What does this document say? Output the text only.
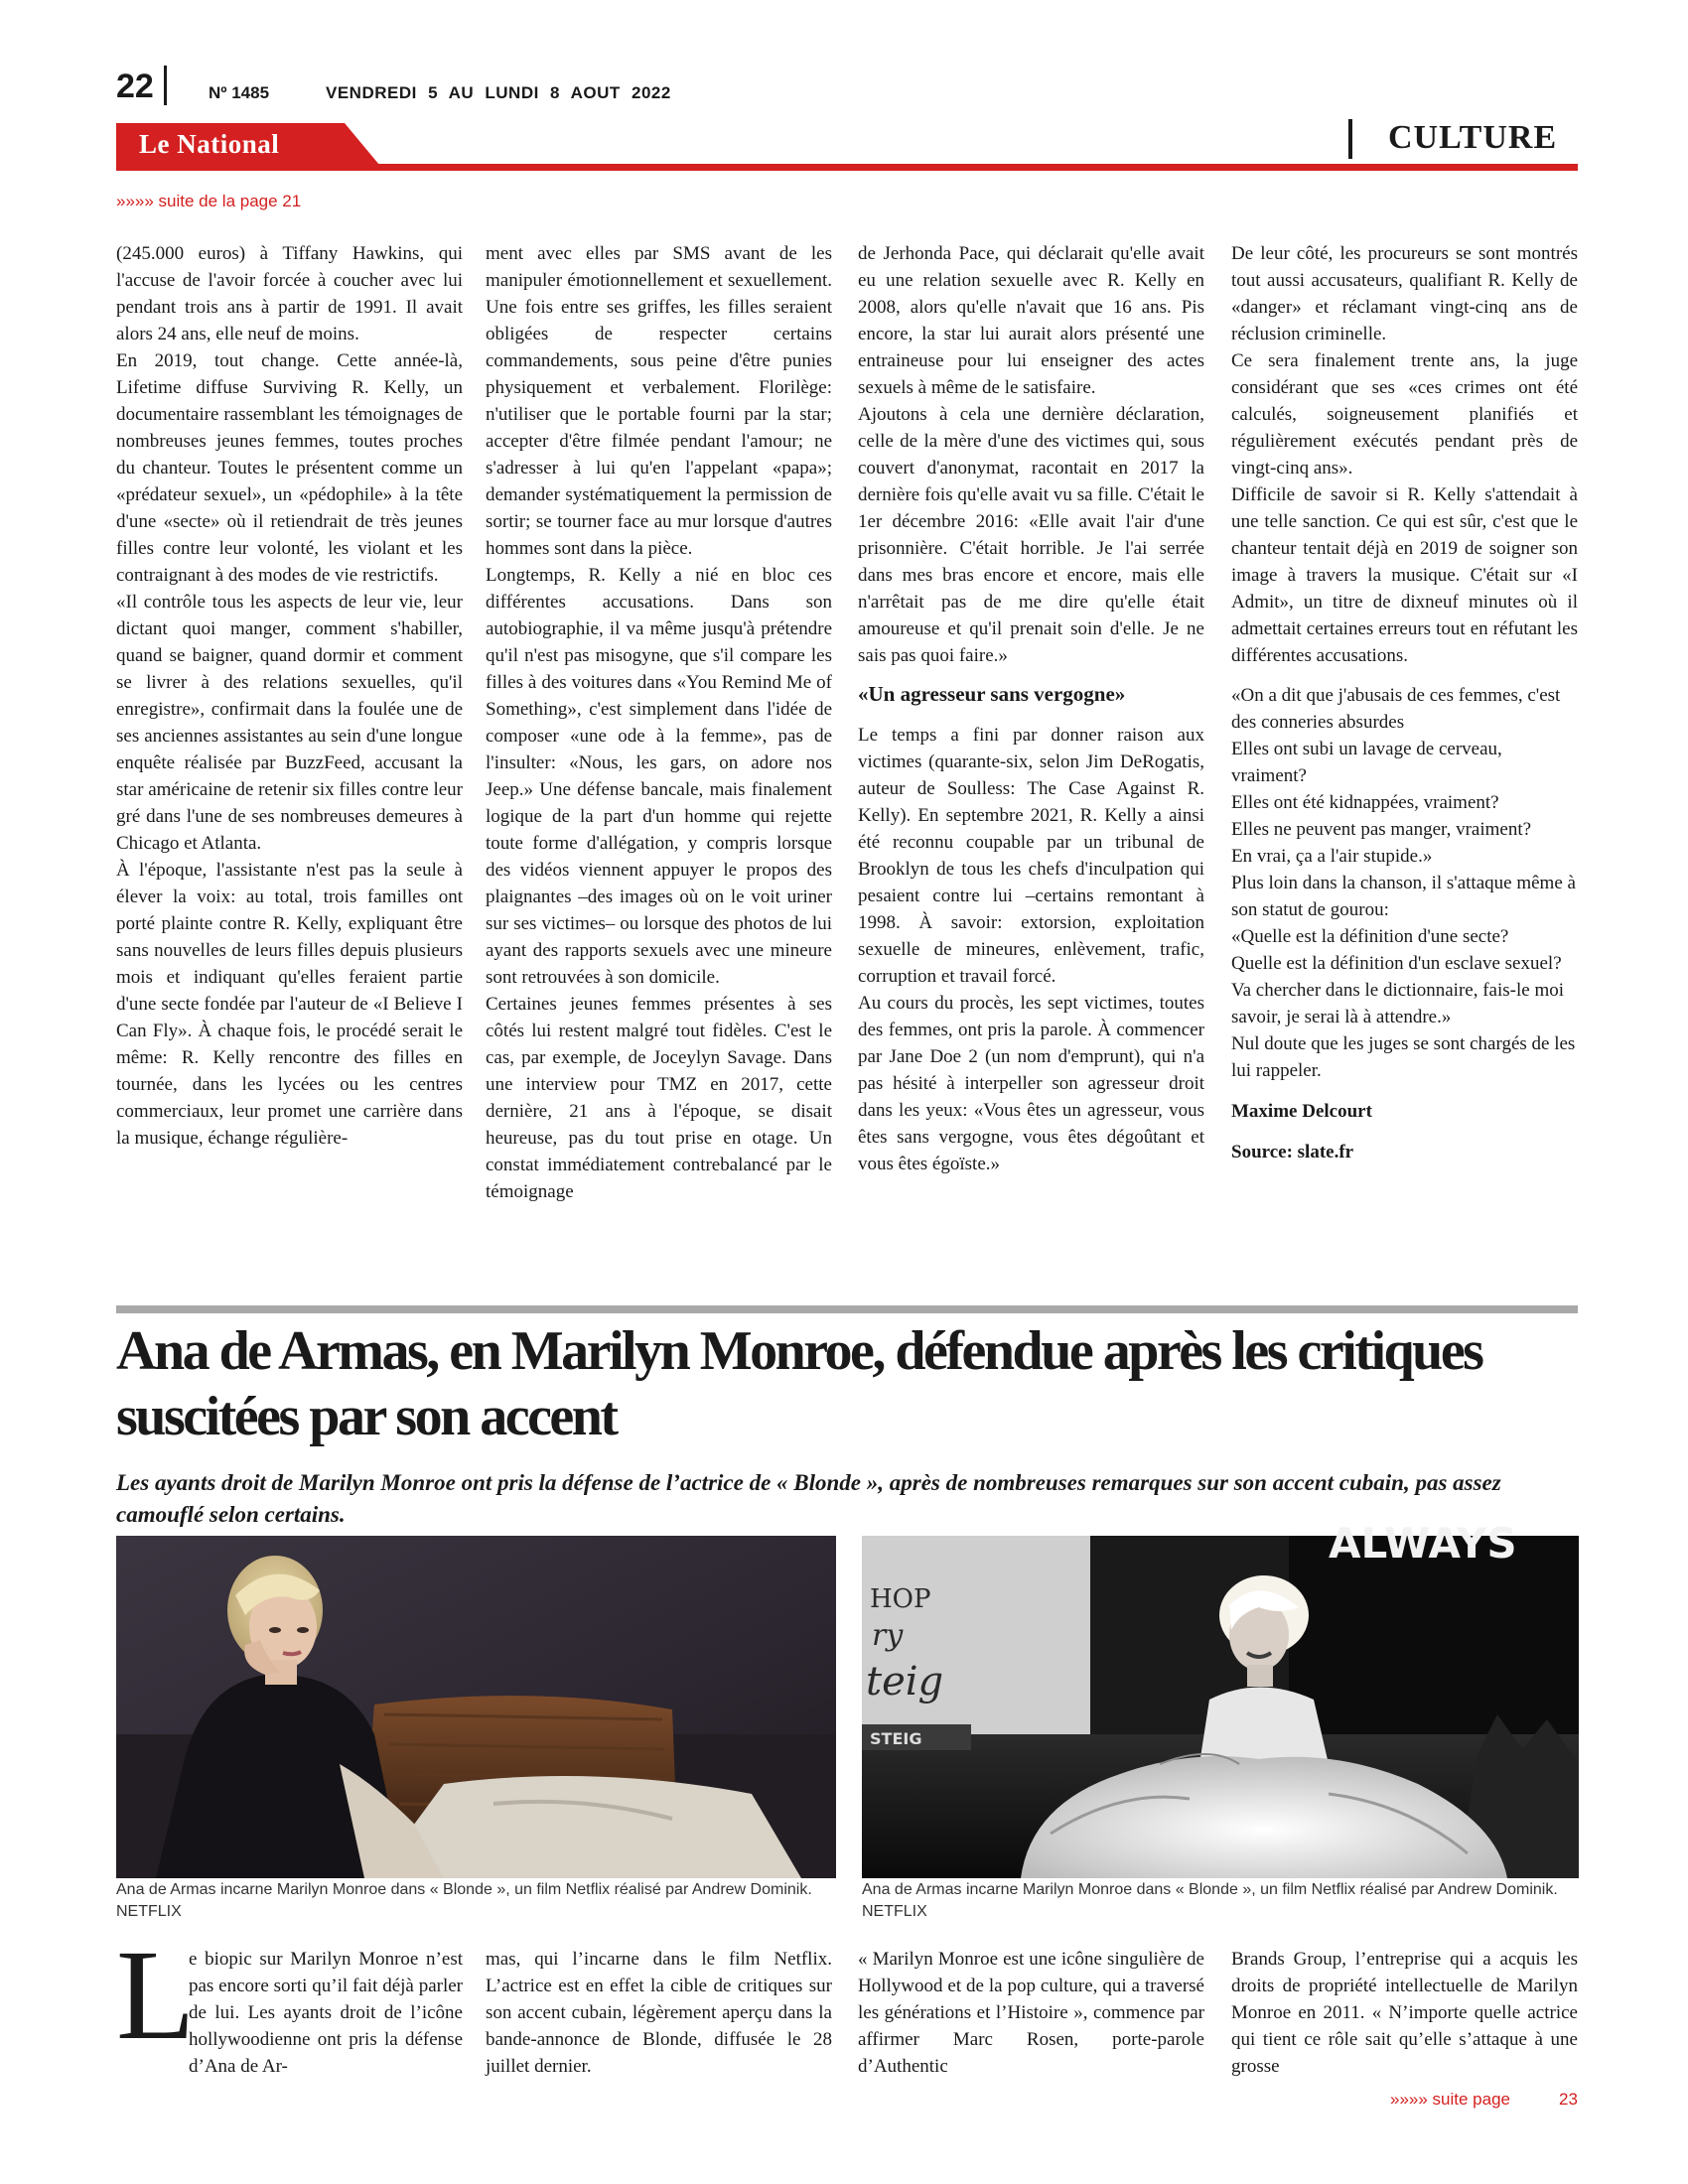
22	Nº 1485	VENDREDI 5 AU LUNDI 8 AOUT 2022
Le National	CULTURE
»»»» suite de la page 21

(245.000 euros) à Tiffany Hawkins, qui l'accuse de l'avoir forcée à coucher avec lui pendant trois ans à partir de 1991. Il avait alors 24 ans, elle neuf de moins.

En 2019, tout change. Cette année-là, Lifetime diffuse Surviving R. Kelly, un documentaire rassemblant les témoignages de nombreuses jeunes femmes, toutes proches du chanteur. Toutes le présentent comme un «prédateur sexuel», un «pédophile» à la tête d'une «secte» où il retiendrait de très jeunes filles contre leur volonté, les violant et les contraignant à des modes de vie restrictifs.

«Il contrôle tous les aspects de leur vie, leur dictant quoi manger, comment s'habiller, quand se baigner, quand dormir et comment se livrer à des relations sexuelles, qu'il enregistre», confirmait dans la foulée une de ses anciennes assistantes au sein d'une longue enquête réalisée par BuzzFeed, accusant la star américaine de retenir six filles contre leur gré dans l'une de ses nombreuses demeures à Chicago et Atlanta.

À l'époque, l'assistante n'est pas la seule à élever la voix: au total, trois familles ont porté plainte contre R. Kelly, expliquant être sans nouvelles de leurs filles depuis plusieurs mois et indiquant qu'elles feraient partie d'une secte fondée par l'auteur de «I Believe I Can Fly». À chaque fois, le procédé serait le même: R. Kelly rencontre des filles en tournée, dans les lycées ou les centres commerciaux, leur promet une carrière dans la musique, échange régulière-

ment avec elles par SMS avant de les manipuler émotionnellement et sexuellement. Une fois entre ses griffes, les filles seraient obligées de respecter certains commandements, sous peine d'être punies physiquement et verbalement. Florilège: n'utiliser que le portable fourni par la star; accepter d'être filmée pendant l'amour; ne s'adresser à lui qu'en l'appelant «papa»; demander systématiquement la permission de sortir; se tourner face au mur lorsque d'autres hommes sont dans la pièce.

Longtemps, R. Kelly a nié en bloc ces différentes accusations. Dans son autobiographie, il va même jusqu'à prétendre qu'il n'est pas misogyne, que s'il compare les filles à des voitures dans «You Remind Me of Something», c'est simplement dans l'idée de composer «une ode à la femme», pas de l'insulter: «Nous, les gars, on adore nos Jeep.» Une défense bancale, mais finalement logique de la part d'un homme qui rejette toute forme d'allégation, y compris lorsque des vidéos viennent appuyer le propos des plaignantes –des images où on le voit uriner sur ses victimes– ou lorsque des photos de lui ayant des rapports sexuels avec une mineure sont retrouvées à son domicile.

Certaines jeunes femmes présentes à ses côtés lui restent malgré tout fidèles. C'est le cas, par exemple, de Joceylyn Savage. Dans une interview pour TMZ en 2017, cette dernière, 21 ans à l'époque, se disait heureuse, pas du tout prise en otage. Un constat immédiatement contrebalancé par le témoignage

de Jerhonda Pace, qui déclarait qu'elle avait eu une relation sexuelle avec R. Kelly en 2008, alors qu'elle n'avait que 16 ans. Pis encore, la star lui aurait alors présenté une entraineuse pour lui enseigner des actes sexuels à même de le satisfaire.

Ajoutons à cela une dernière déclaration, celle de la mère d'une des victimes qui, sous couvert d'anonymat, racontait en 2017 la dernière fois qu'elle avait vu sa fille. C'était le 1er décembre 2016: «Elle avait l'air d'une prisonnière. C'était horrible. Je l'ai serrée dans mes bras encore et encore, mais elle n'arrêtait pas de me dire qu'elle était amoureuse et qu'il prenait soin d'elle. Je ne sais pas quoi faire.»

«Un agresseur sans vergogne»

Le temps a fini par donner raison aux victimes (quarante-six, selon Jim DeRogatis, auteur de Soulless: The Case Against R. Kelly). En septembre 2021, R. Kelly a ainsi été reconnu coupable par un tribunal de Brooklyn de tous les chefs d'inculpation qui pesaient contre lui –certains remontant à 1998. À savoir: extorsion, exploitation sexuelle de mineures, enlèvement, trafic, corruption et travail forcé.

Au cours du procès, les sept victimes, toutes des femmes, ont pris la parole. À commencer par Jane Doe 2 (un nom d'emprunt), qui n'a pas hésité à interpeller son agresseur droit dans les yeux: «Vous êtes un agresseur, vous êtes sans vergogne, vous êtes dégoûtant et vous êtes égoïste.»

De leur côté, les procureurs se sont montrés tout aussi accusateurs, qualifiant R. Kelly de «danger» et réclamant vingt-cinq ans de réclusion criminelle.

Ce sera finalement trente ans, la juge considérant que ses «ces crimes ont été calculés, soigneusement planifiés et régulièrement exécutés pendant près de vingt-cinq ans».

Difficile de savoir si R. Kelly s'attendait à une telle sanction. Ce qui est sûr, c'est que le chanteur tentait déjà en 2019 de soigner son image à travers la musique. C'était sur «I Admit», un titre de dixneuf minutes où il admettait certaines erreurs tout en réfutant les différentes accusations.

«On a dit que j'abusais de ces femmes, c'est des conneries absurdes

Elles ont subi un lavage de cerveau, vraiment?

Elles ont été kidnappées, vraiment?

Elles ne peuvent pas manger, vraiment?

En vrai, ça a l'air stupide.»

Plus loin dans la chanson, il s'attaque même à son statut de gourou:

«Quelle est la définition d'une secte?

Quelle est la définition d'un esclave sexuel?

Va chercher dans le dictionnaire, fais-le moi savoir, je serai là à attendre.»

Nul doute que les juges se sont chargés de les lui rappeler.

Maxime Delcourt

Source: slate.fr

Ana de Armas, en Marilyn Monroe, défendue après les critiques suscitées par son accent
Les ayants droit de Marilyn Monroe ont pris la défense de l’actrice de « Blonde », après de nombreuses remarques sur son accent cubain, pas assez camouflé selon certains.
ALWAYS
HOP
ry
teig
STEIG
Ana de Armas incarne Marilyn Monroe dans « Blonde », un film Netflix réalisé par Andrew Dominik. NETFLIX
Ana de Armas incarne Marilyn Monroe dans « Blonde », un film Netflix réalisé par Andrew Dominik. NETFLIX
L
e biopic sur Marilyn Monroe n’est pas encore sorti qu’il fait déjà parler de lui. Les ayants droit de l’icône hollywoodienne ont pris la défense d’Ana de Ar-
mas, qui l’incarne dans le film Netflix. L’actrice est en effet la cible de critiques sur son accent cubain, légèrement aperçu dans la bande-annonce de Blonde, diffusée le 28 juillet dernier.
« Marilyn Monroe est une icône singulière de Hollywood et de la pop culture, qui a traversé les générations et l’Histoire », commence par affirmer Marc Rosen, porte-parole d’Authentic
Brands Group, l’entreprise qui a acquis les droits de propriété intellectuelle de Marilyn Monroe en 2011. « N’importe quelle actrice qui tient ce rôle sait qu’elle s’attaque à une grosse
»»»» suite page	23
